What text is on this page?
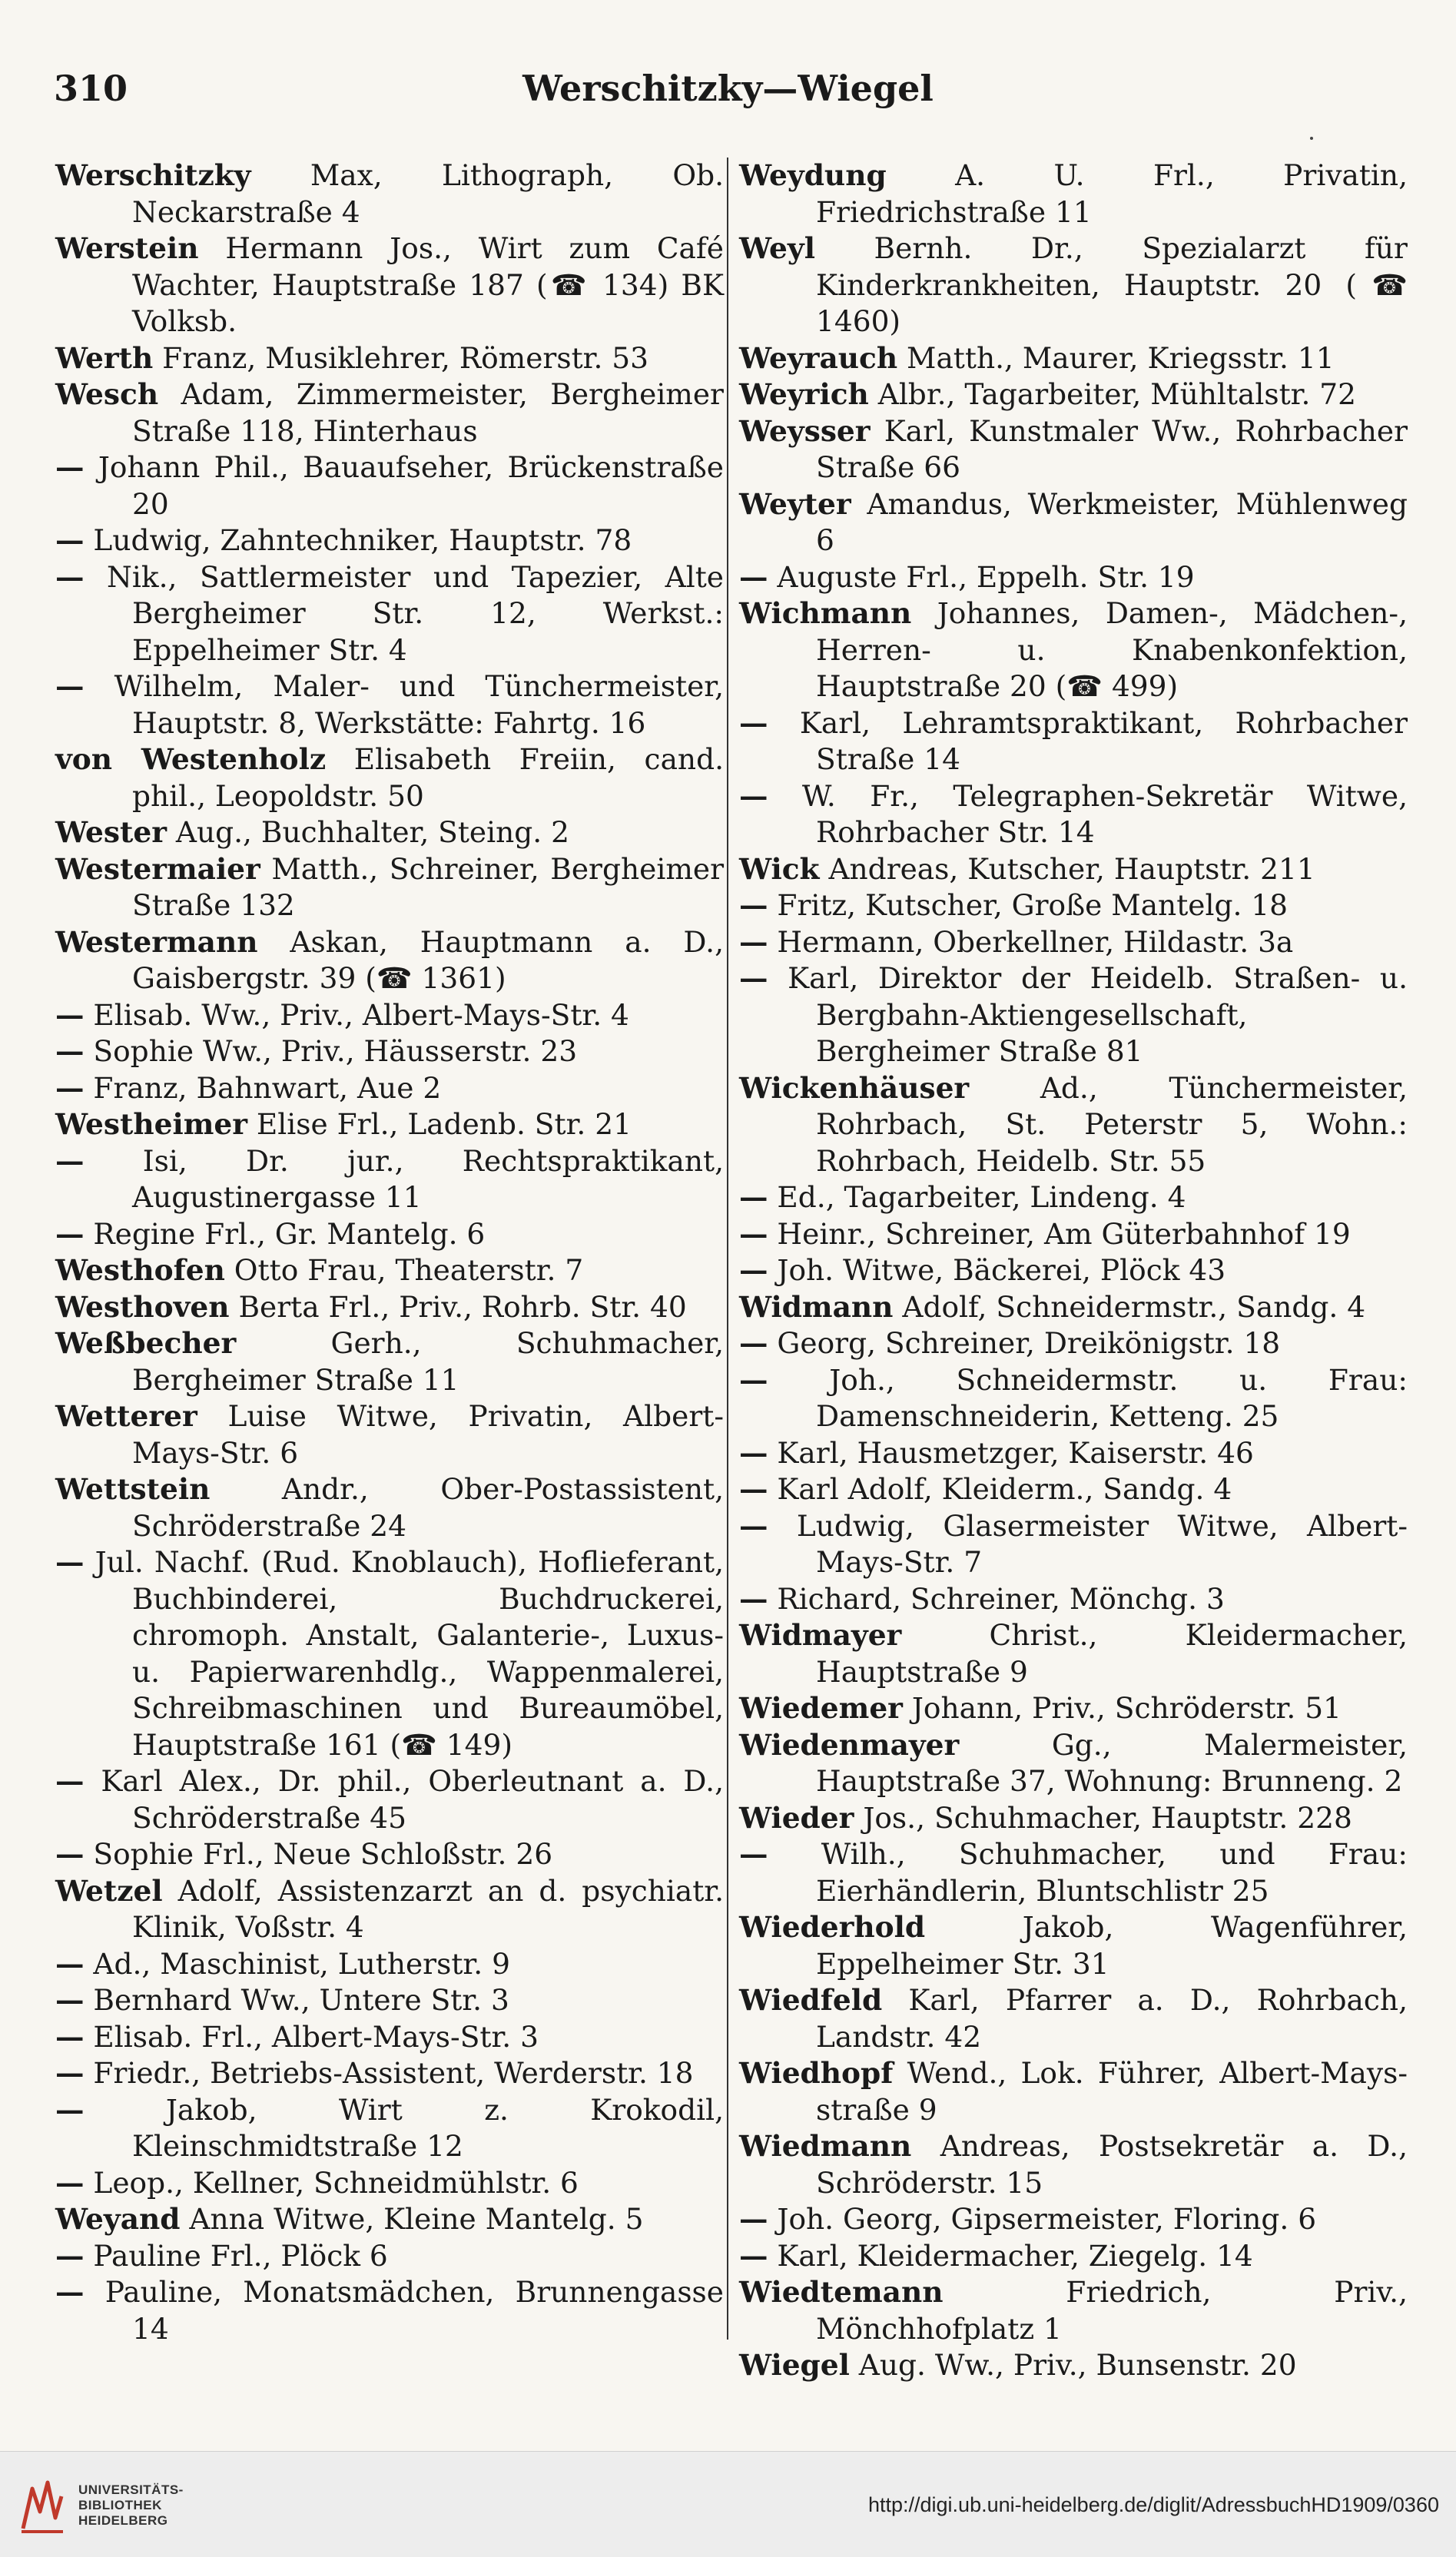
Werschitzky—Wiegel
310
Werschitzky Max, Lithograph, Ob. Neckarstraße 4
Werstein Hermann Jos., Wirt zum Café Wachter, Hauptstraße 187 (☎ 134) BK Volksb.
Werth Franz, Musiklehrer, Römerstr. 53
Wesch Adam, Zimmermeister, Bergheimer Straße 118, Hinterhaus
— Johann Phil., Bauaufseher, Brückenstraße 20
— Ludwig, Zahntechniker, Hauptstr. 78
— Nik., Sattlermeister und Tapezier, Alte Bergheimer Str. 12, Werkst.: Eppelheimer Str. 4
— Wilhelm, Maler- und Tünchermeister, Hauptstr. 8, Werkstätte: Fahrtg. 16
von Westenholz Elisabeth Freiin, cand. phil., Leopoldstr. 50
Wester Aug., Buchhalter, Steing. 2
Westermaier Matth., Schreiner, Bergheimer Straße 132
Westermann Askan, Hauptmann a. D., Gaisbergstr. 39 (☎ 1361)
— Elisab. Ww., Priv., Albert-Mays-Str. 4
— Sophie Ww., Priv., Häusserstr. 23
— Franz, Bahnwart, Aue 2
Westheimer Elise Frl., Ladenb. Str. 21
— Isi, Dr. jur., Rechtspraktikant, Augustinergasse 11
— Regine Frl., Gr. Mantelg. 6
Westhofen Otto Frau, Theaterstr. 7
Westhoven Berta Frl., Priv., Rohrb. Str. 40
Weßbecher Gerh., Schuhmacher, Bergheimer Straße 11
Wetterer Luise Witwe, Privatin, Albert-Mays-Str. 6
Wettstein Andr., Ober-Postassistent, Schröderstraße 24
— Jul. Nachf. (Rud. Knoblauch), Hoflieferant, Buchbinderei, Buchdruckerei, chromoph. Anstalt, Galanterie-, Luxus- u. Papierwarenhdlg., Wappenmalerei, Schreibmaschinen und Bureaumöbel, Hauptstraße 161 (☎ 149)
— Karl Alex., Dr. phil., Oberleutnant a. D., Schröderstraße 45
— Sophie Frl., Neue Schloßstr. 26
Wetzel Adolf, Assistenzarzt an d. psychiatr. Klinik, Voßstr. 4
— Ad., Maschinist, Lutherstr. 9
— Bernhard Ww., Untere Str. 3
— Elisab. Frl., Albert-Mays-Str. 3
— Friedr., Betriebs-Assistent, Werderstr. 18
— Jakob, Wirt z. Krokodil, Kleinschmidtstraße 12
— Leop., Kellner, Schneidmühlstr. 6
Weyand Anna Witwe, Kleine Mantelg. 5
— Pauline Frl., Plöck 6
— Pauline, Monatsmädchen, Brunnengasse 14
Weydung A. U. Frl., Privatin, Friedrichstraße 11
Weyl Bernh. Dr., Spezialarzt für Kinderkrankheiten, Hauptstr. 20 (☎ 1460)
Weyrauch Matth., Maurer, Kriegsstr. 11
Weyrich Albr., Tagarbeiter, Mühltalstr. 72
Weysser Karl, Kunstmaler Ww., Rohrbacher Straße 66
Weyter Amandus, Werkmeister, Mühlenweg 6
— Auguste Frl., Eppelh. Str. 19
Wichmann Johannes, Damen-, Mädchen-, Herren- u. Knabenkonfektion, Hauptstraße 20 (☎ 499)
— Karl, Lehramtspraktikant, Rohrbacher Straße 14
— W. Fr., Telegraphen-Sekretär Witwe, Rohrbacher Str. 14
Wick Andreas, Kutscher, Hauptstr. 211
— Fritz, Kutscher, Große Mantelg. 18
— Hermann, Oberkellner, Hildastr. 3a
— Karl, Direktor der Heidelb. Straßen- u. Bergbahn-Aktiengesellschaft, Bergheimer Straße 81
Wickenhäuser Ad., Tünchermeister, Rohrbach, St. Peterstr 5, Wohn.: Rohrbach, Heidelb. Str. 55
— Ed., Tagarbeiter, Lindeng. 4
— Heinr., Schreiner, Am Güterbahnhof 19
— Joh. Witwe, Bäckerei, Plöck 43
Widmann Adolf, Schneidermstr., Sandg. 4
— Georg, Schreiner, Dreikönigstr. 18
— Joh., Schneidermstr. u. Frau: Damenschneiderin, Ketteng. 25
— Karl, Hausmetzger, Kaiserstr. 46
— Karl Adolf, Kleiderm., Sandg. 4
— Ludwig, Glasermeister Witwe, Albert-Mays-Str. 7
— Richard, Schreiner, Mönchg. 3
Widmayer Christ., Kleidermacher, Hauptstraße 9
Wiedemer Johann, Priv., Schröderstr. 51
Wiedenmayer Gg., Malermeister, Hauptstraße 37, Wohnung: Brunneng. 2
Wieder Jos., Schuhmacher, Hauptstr. 228
— Wilh., Schuhmacher, und Frau: Eierhändlerin, Bluntschlistr 25
Wiederhold Jakob, Wagenführer, Eppelheimer Str. 31
Wiedfeld Karl, Pfarrer a. D., Rohrbach, Landstr. 42
Wiedhopf Wend., Lok. Führer, Albert-Mays-straße 9
Wiedmann Andreas, Postsekretär a. D., Schröderstr. 15
— Joh. Georg, Gipsermeister, Floring. 6
— Karl, Kleidermacher, Ziegelg. 14
Wiedtemann Friedrich, Priv., Mönchhofplatz 1
Wiegel Aug. Ww., Priv., Bunsenstr. 20
UNIVERSITÄTS-
BIBLIOTHEK
HEIDELBERG
http://digi.ub.uni-heidelberg.de/diglit/AdressbuchHD1909/0360
